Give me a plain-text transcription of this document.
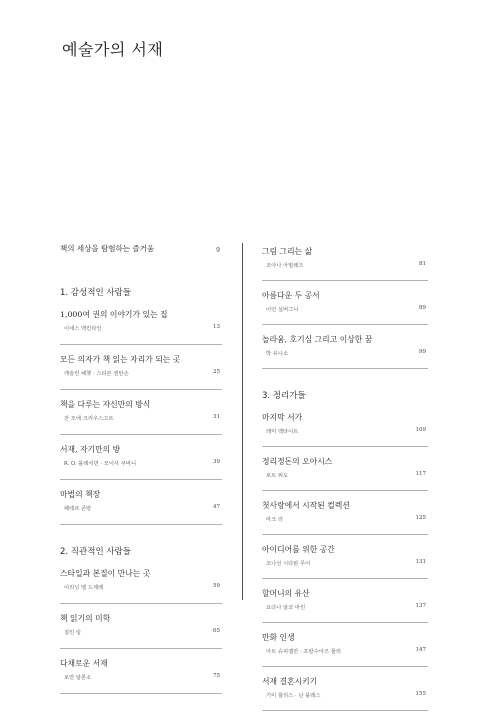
예술가의 서재
책의 세상을 탐험하는 즐거움	9
1. 감성적인 사람들
1,000여 권의 이야기가 있는 집
이네스 맥킨타인	13
모든 의자가 책 읽는 자리가 되는 곳
캐슬린 헤쳇 · 스티븐 엔탄손	25
책을 다루는 자신만의 방식
잔 모에 크리우스고르	31
서재, 자기만의 방
R. O. 블레치먼 · 모이사 쿠바니	39
마법의 책장
페테르 콘랑	47
2. 직관적인 사람들
스타일과 본질이 만나는 곳
이리닝 엘 드제레	59
책 읽기의 미학
질린 링	65
다채로운 서재
로만 알론소	75
그림 그리는 삶
조아나 아빌레즈	81
아름다운 두 공서
이언 실버그니	89
놀라움, 호기심 그리고 이상한 꿈
박 유니소	99
3. 정리가들
마지막 서가
레미 맥타이트	109
정리정돈의 오아시스
로트 위도	117
첫사랑에서 시작된 컬렉션
마크 리	125
아이디어를 위한 공간
조나선 시다판 무어	131
할머니의 유산
요다나 알코 마린	137
만화 인생
아트 슈피겔만 · 프랑수아즈 물리	147
서재 결혼시키기
기미 할리스 · 난 블레스	155
